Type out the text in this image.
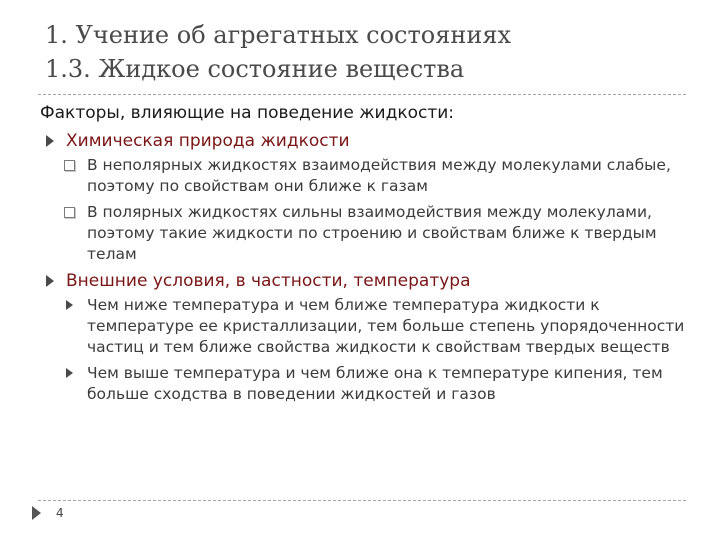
1. Учение об агрегатных состояниях
1.3. Жидкое состояние вещества
Факторы, влияющие на поведение жидкости:
Химическая природа жидкости
В неполярных жидкостях взаимодействия между молекулами слабые, поэтому по свойствам они ближе к газам
В полярных жидкостях сильны взаимодействия между молекулами, поэтому такие жидкости по строению и свойствам ближе к твердым телам
Внешние условия, в частности, температура
Чем ниже температура и чем ближе температура жидкости к температуре ее кристаллизации, тем больше степень упорядоченности частиц и тем ближе свойства жидкости к свойствам твердых веществ
Чем выше температура и чем ближе она к температуре кипения, тем больше сходства в поведении жидкостей и газов
4
